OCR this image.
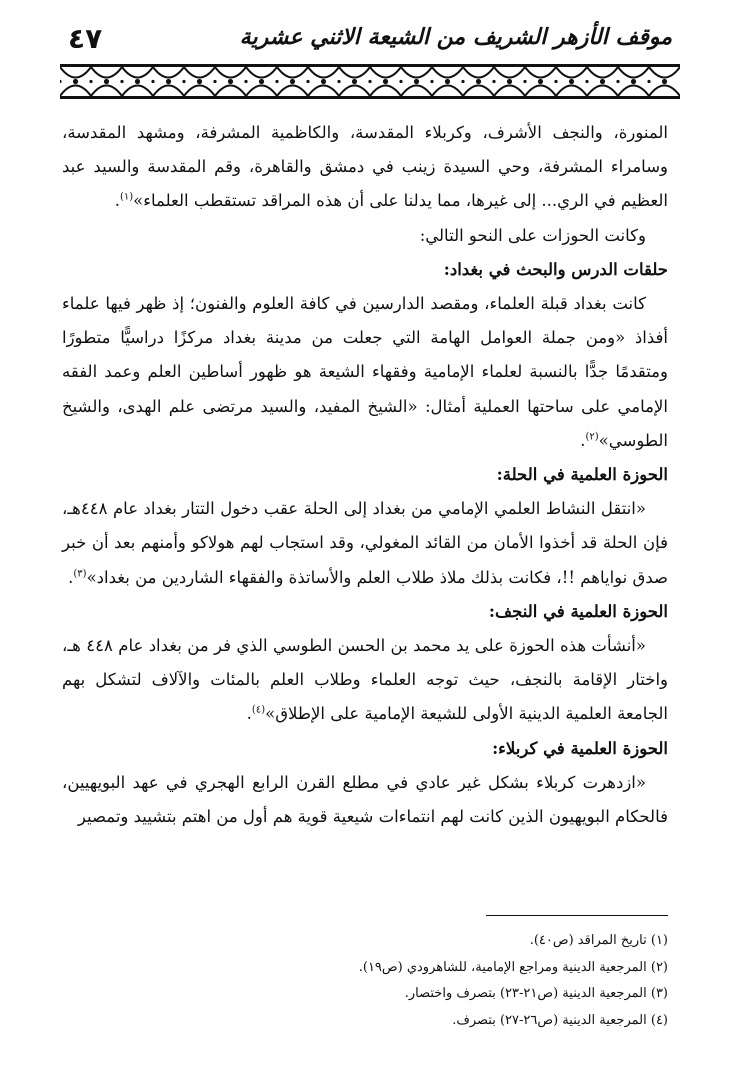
موقف الأزهر الشريف من الشيعة الاثني عشرية
٤٧

المنورة، والنجف الأشرف، وكربلاء المقدسة، والكاظمية المشرفة، ومشهد المقدسة، وسامراء المشرفة، وحي السيدة زينب في دمشق والقاهرة، وقم المقدسة والسيد عبد العظيم في الري... إلى غيرها، مما يدلنا على أن هذه المراقد تستقطب العلماء»$^{(١)}$.

وكانت الحوزات على النحو التالي:

حلقات الدرس والبحث في بغداد:

كانت بغداد قبلة العلماء، ومقصد الدارسين في كافة العلوم والفنون؛ إذ ظهر فيها علماء أفذاذ «ومن جملة العوامل الهامة التي جعلت من مدينة بغداد مركزًا دراسيًّا متطورًا ومتقدمًا جدًّا بالنسبة لعلماء الإمامية وفقهاء الشيعة هو ظهور أساطين العلم وعمد الفقه الإمامي على ساحتها العملية أمثال: «الشيخ المفيد، والسيد مرتضى علم الهدى، والشيخ الطوسي»$^{(٢)}$.

الحوزة العلمية في الحلة:

«انتقل النشاط العلمي الإمامي من بغداد إلى الحلة عقب دخول التتار بغداد عام ٤٤٨هـ، فإن الحلة قد أخذوا الأمان من القائد المغولي، وقد استجاب لهم هولاكو وأمنهم بعد أن خبر صدق نواياهم !!، فكانت بذلك ملاذ طلاب العلم والأساتذة والفقهاء الشاردين من بغداد»$^{(٣)}$.

الحوزة العلمية في النجف:

«أنشأت هذه الحوزة على يد محمد بن الحسن الطوسي الذي فر من بغداد عام ٤٤٨ هـ، واختار الإقامة بالنجف، حيث توجه العلماء وطلاب العلم بالمئات والآلاف لتشكل بهم الجامعة العلمية الدينية الأولى للشيعة الإمامية على الإطلاق»$^{(٤)}$.

الحوزة العلمية في كربلاء:

«ازدهرت كربلاء بشكل غير عادي في مطلع القرن الرابع الهجري في عهد البويهيين، فالحكام البويهيون الذين كانت لهم انتماءات شيعية قوية هم أول من اهتم بتشييد وتمصير

(١) تاريخ المراقد (ص٤٠).
(٢) المرجعية الدينية ومراجع الإمامية، للشاهرودي (ص١٩).
(٣) المرجعية الدينية (ص٢١-٢٣) بتصرف واختصار.
(٤) المرجعية الدينية (ص٢٦-٢٧) بتصرف.
